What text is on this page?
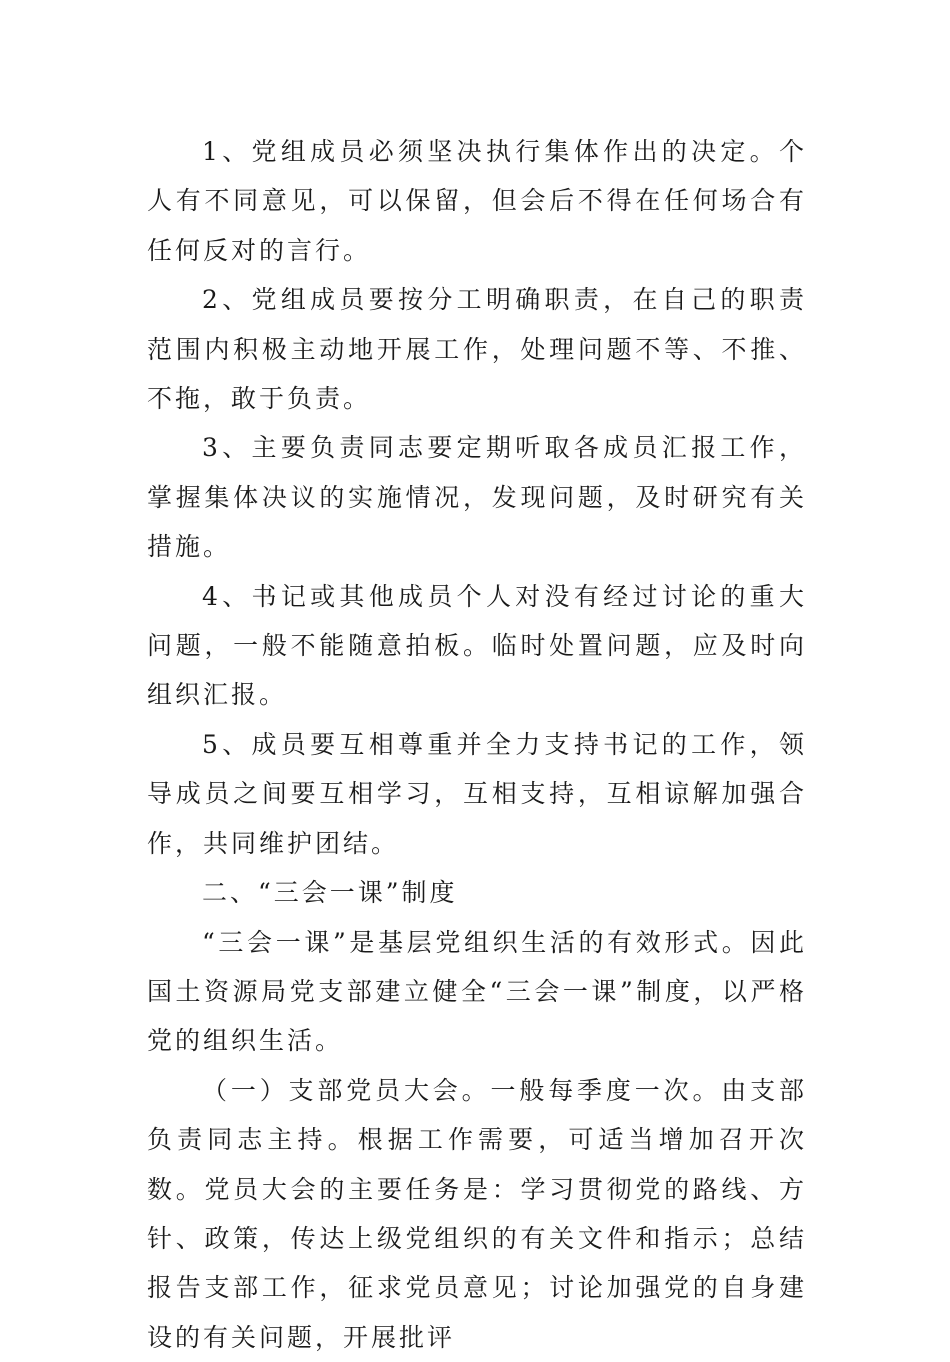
1、党组成员必须坚决执行集体作出的决定。个人有不同意见，可以保留，但会后不得在任何场合有任何反对的言行。

2、党组成员要按分工明确职责，在自己的职责范围内积极主动地开展工作，处理问题不等、不推、不拖，敢于负责。

3、主要负责同志要定期听取各成员汇报工作，掌握集体决议的实施情况，发现问题，及时研究有关措施。

4、书记或其他成员个人对没有经过讨论的重大问题，一般不能随意拍板。临时处置问题，应及时向组织汇报。

5、成员要互相尊重并全力支持书记的工作，领导成员之间要互相学习，互相支持，互相谅解加强合作，共同维护团结。

二、“三会一课”制度

“三会一课”是基层党组织生活的有效形式。因此国土资源局党支部建立健全“三会一课”制度，以严格党的组织生活。

（一）支部党员大会。一般每季度一次。由支部负责同志主持。根据工作需要，可适当增加召开次数。党员大会的主要任务是：学习贯彻党的路线、方针、政策，传达上级党组织的有关文件和指示；总结报告支部工作，征求党员意见；讨论加强党的自身建设的有关问题，开展批评
